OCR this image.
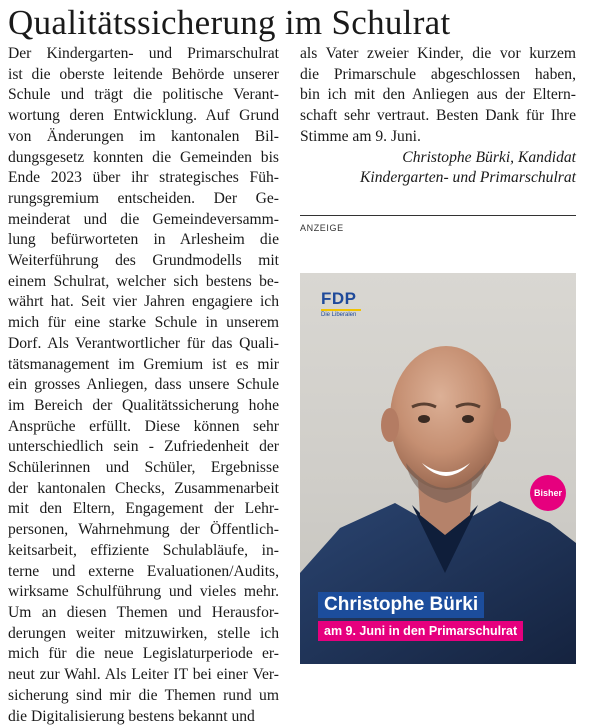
Qualitätssicherung im Schulrat

Der Kindergarten- und Primarschulrat
ist die oberste leitende Behörde unserer
Schule und trägt die politische Verant-
wortung deren Entwicklung. Auf Grund
von Änderungen im kantonalen Bil-
dungsgesetz konnten die Gemeinden bis
Ende 2023 über ihr strategisches Füh-
rungsgremium entscheiden. Der Ge-
meinderat und die Gemeindeversamm-
lung befürworteten in Arlesheim die
Weiterführung des Grundmodells mit
einem Schulrat, welcher sich bestens be-
währt hat. Seit vier Jahren engagiere ich
mich für eine starke Schule in unserem
Dorf. Als Verantwortlicher für das Quali-
tätsmanagement im Gremium ist es mir
ein grosses Anliegen, dass unsere Schule
im Bereich der Qualitätssicherung hohe
Ansprüche erfüllt. Diese können sehr
unterschiedlich sein - Zufriedenheit der
Schülerinnen und Schüler, Ergebnisse
der kantonalen Checks, Zusammenarbeit
mit den Eltern, Engagement der Lehr-
personen, Wahrnehmung der Öffentlich-
keitsarbeit, effiziente Schulabläufe, in-
terne und externe Evaluationen/Audits,
wirksame Schulführung und vieles mehr.
Um an diesen Themen und Herausfor-
derungen weiter mitzuwirken, stelle ich
mich für die neue Legislaturperiode er-
neut zur Wahl. Als Leiter IT bei einer Ver-
sicherung sind mir die Themen rund um
die Digitalisierung bestens bekannt und

als Vater zweier Kinder, die vor kurzem
die Primarschule abgeschlossen haben,
bin ich mit den Anliegen aus der Eltern-
schaft sehr vertraut. Besten Dank für Ihre
Stimme am 9. Juni.

Christophe Bürki, Kandidat
Kindergarten- und Primarschulrat

ANZEIGE
FDP
Die Liberalen
Bisher
Christophe Bürki
am 9. Juni in den Primarschulrat
